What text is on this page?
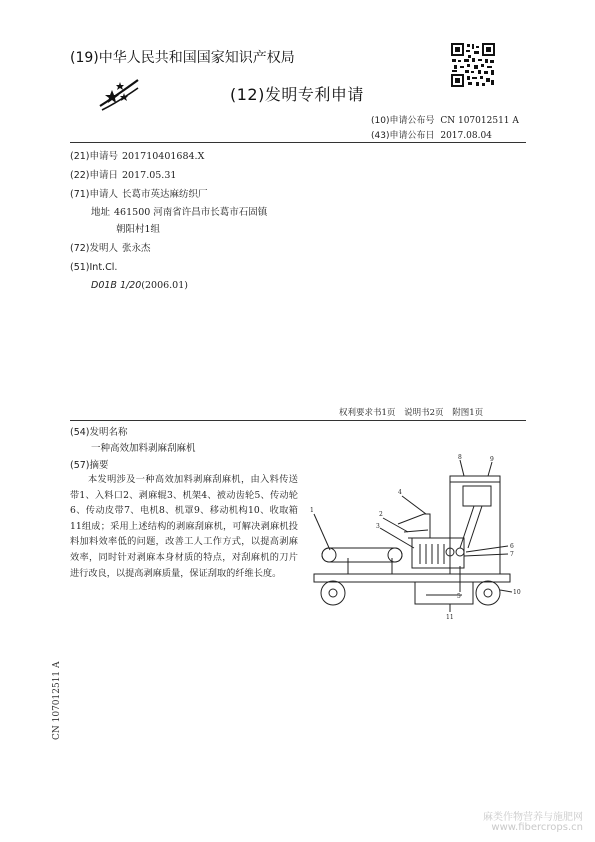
(19)中华人民共和国国家知识产权局
(12)发明专利申请
(10)申请公布号 CN 107012511 A
(43)申请公布日 2017.08.04
(21)申请号 201710401684.X
(22)申请日 2017.05.31
(71)申请人 长葛市英达麻纺织厂
地址 461500 河南省许昌市长葛市石固镇
朝阳村1组
(72)发明人 张永杰
(51)Int.Cl.
D01B 1/20(2006.01)
权利要求书1页 说明书2页 附图1页
(54)发明名称
一种高效加料剥麻刮麻机
(57)摘要
本发明涉及一种高效加料剥麻刮麻机，由入料传送带1、入料口2、剥麻辊3、机架4、被动齿轮5、传动轮6、传动皮带7、电机8、机罩9、移动机构10、收取箱11组成；采用上述结构的剥麻刮麻机，可解决剥麻机投料加料效率低的问题，改善工人工作方式，以提高剥麻效率，同时针对剥麻本身材质的特点，对刮麻机的刀片进行改良，以提高剥麻质量，保证刮取的纤维长度。
1
2
3
4
5
6
7
8	9
10
11
CN 107012511 A
麻类作物营养与施肥网
www.fibercrops.cn
